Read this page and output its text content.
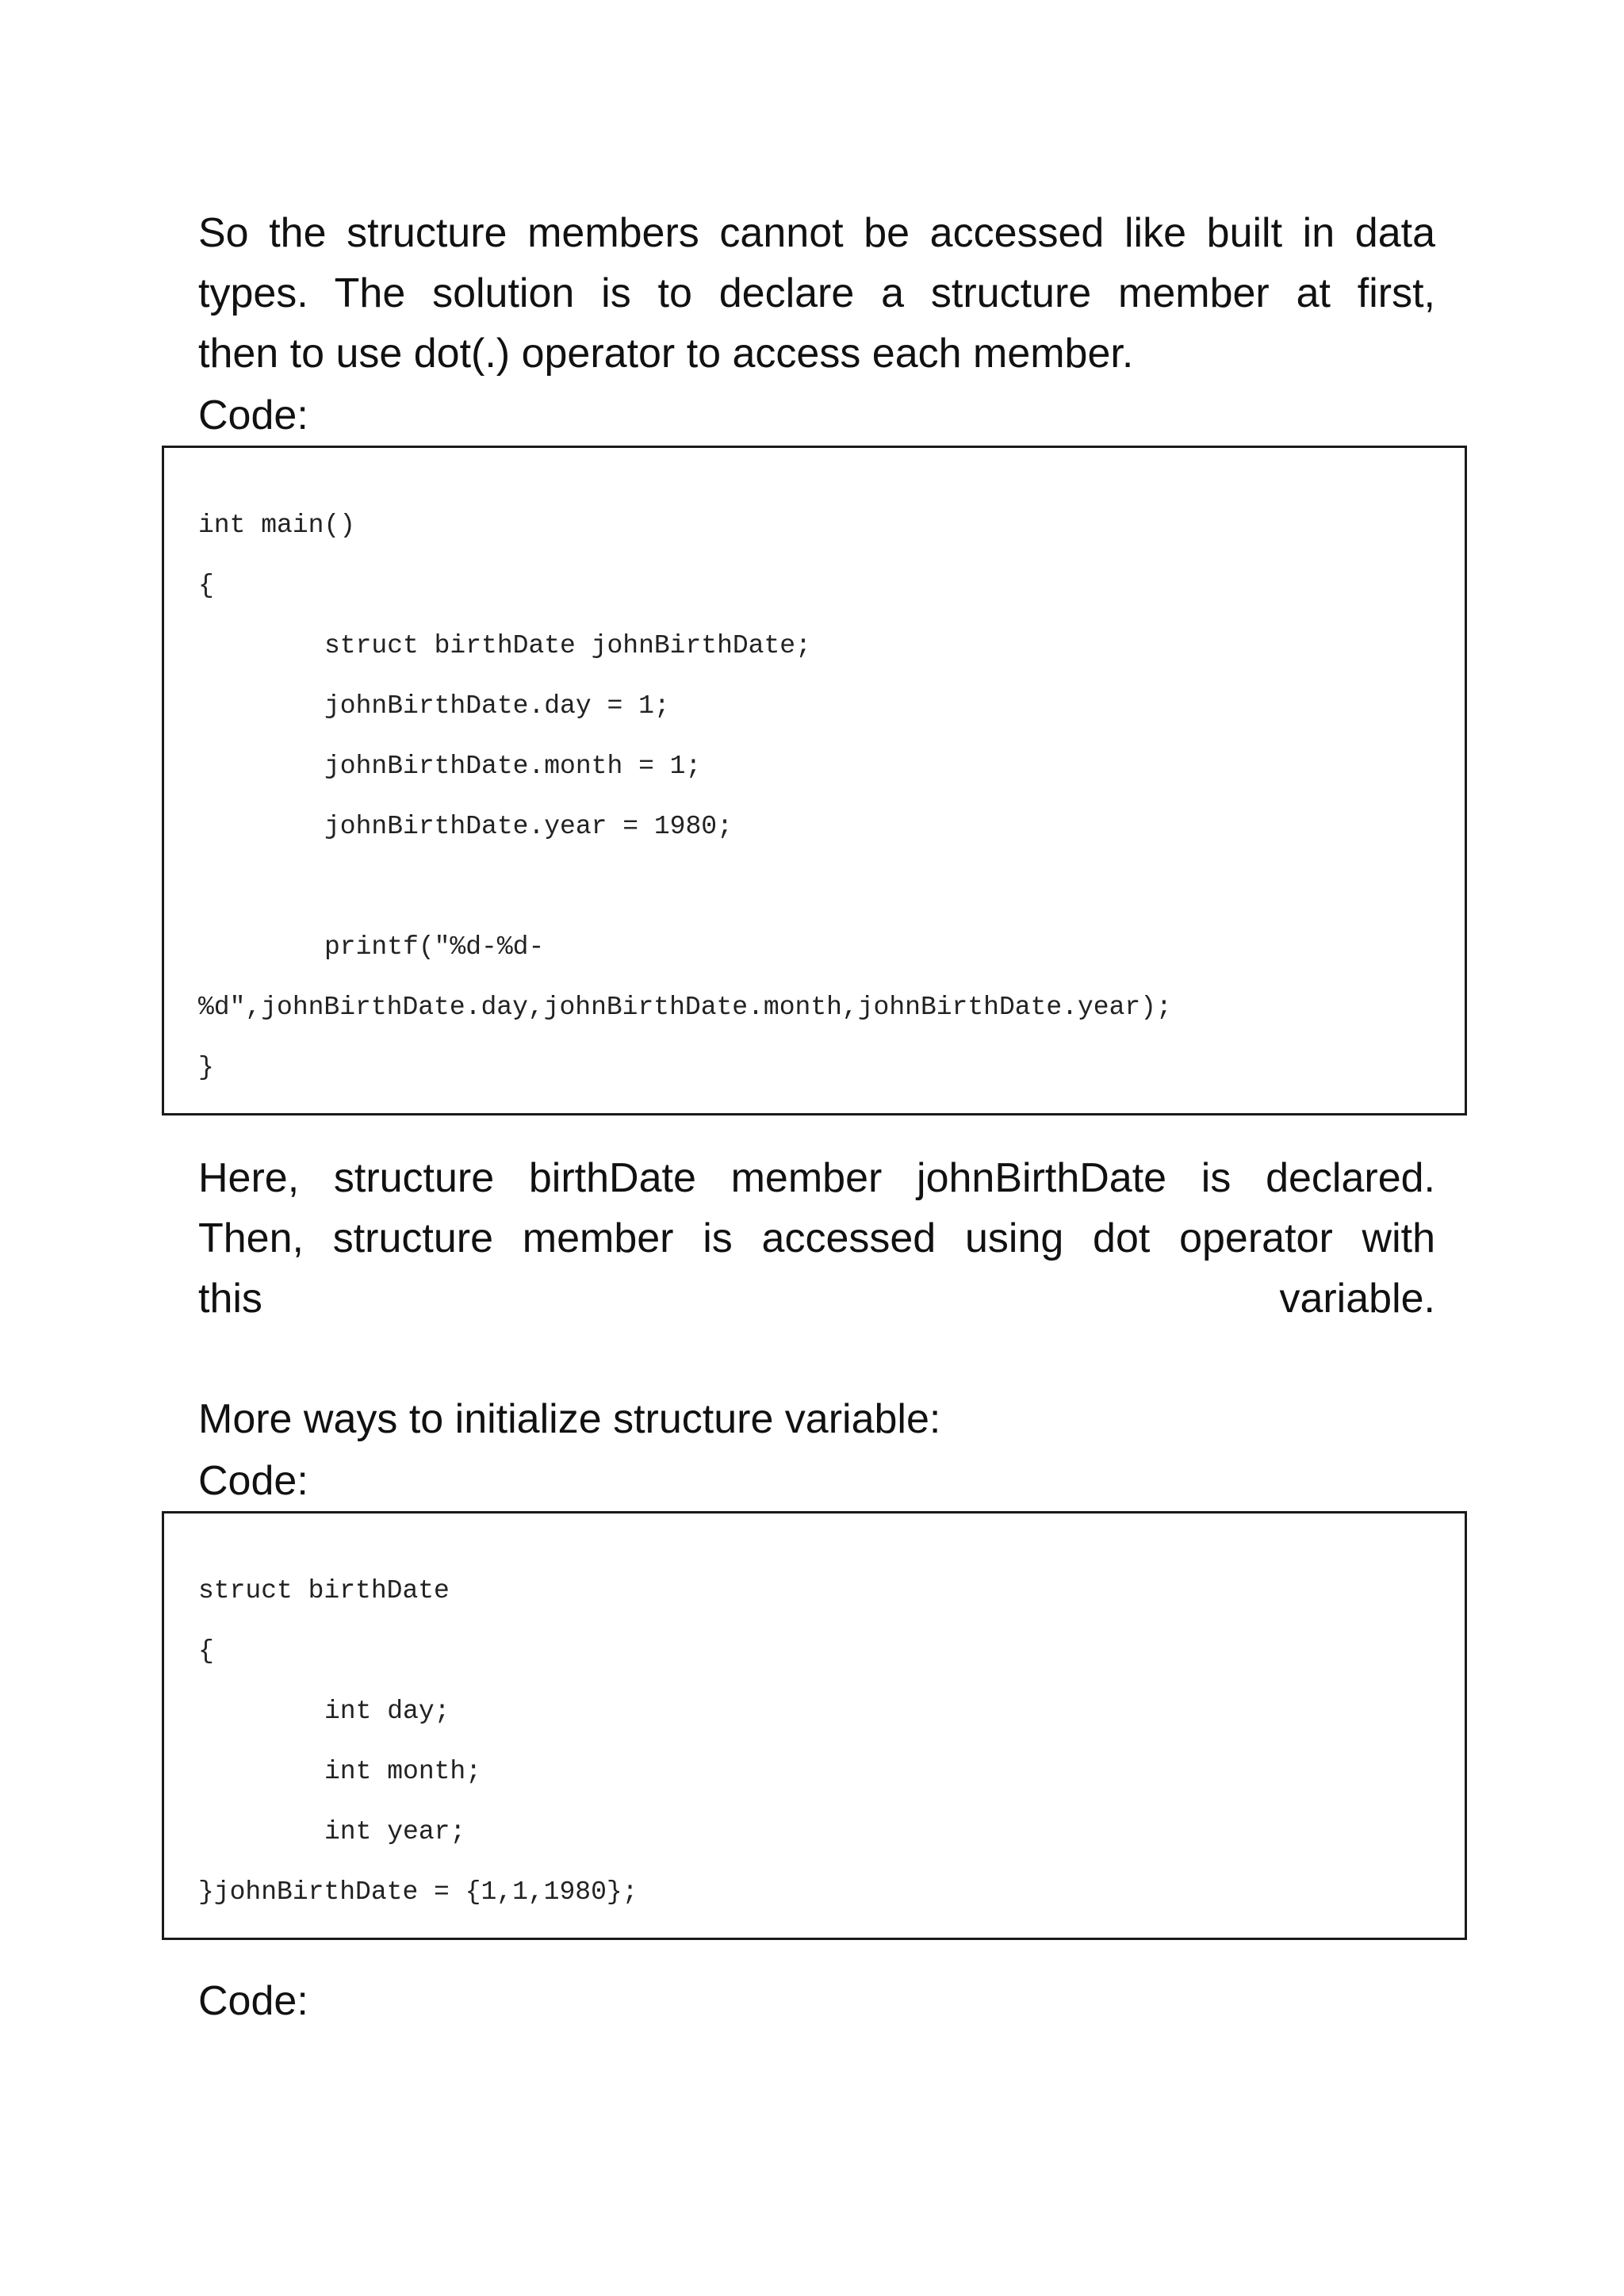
So the structure members cannot be accessed like built in data

types. The solution is to declare a structure member at first,

then to use dot(.) operator to access each member.

Code:

int main()
{
struct birthDate johnBirthDate;
johnBirthDate.day = 1;
johnBirthDate.month = 1;
johnBirthDate.year = 1980;
printf("%d-%d-
%d",johnBirthDate.day,johnBirthDate.month,johnBirthDate.year);
}

Here, structure birthDate member johnBirthDate is declared.

Then, structure member is accessed using dot operator with

this variable.

More ways to initialize structure variable:

Code:

struct birthDate
{
int day;
int month;
int year;
}johnBirthDate = {1,1,1980};

Code:
